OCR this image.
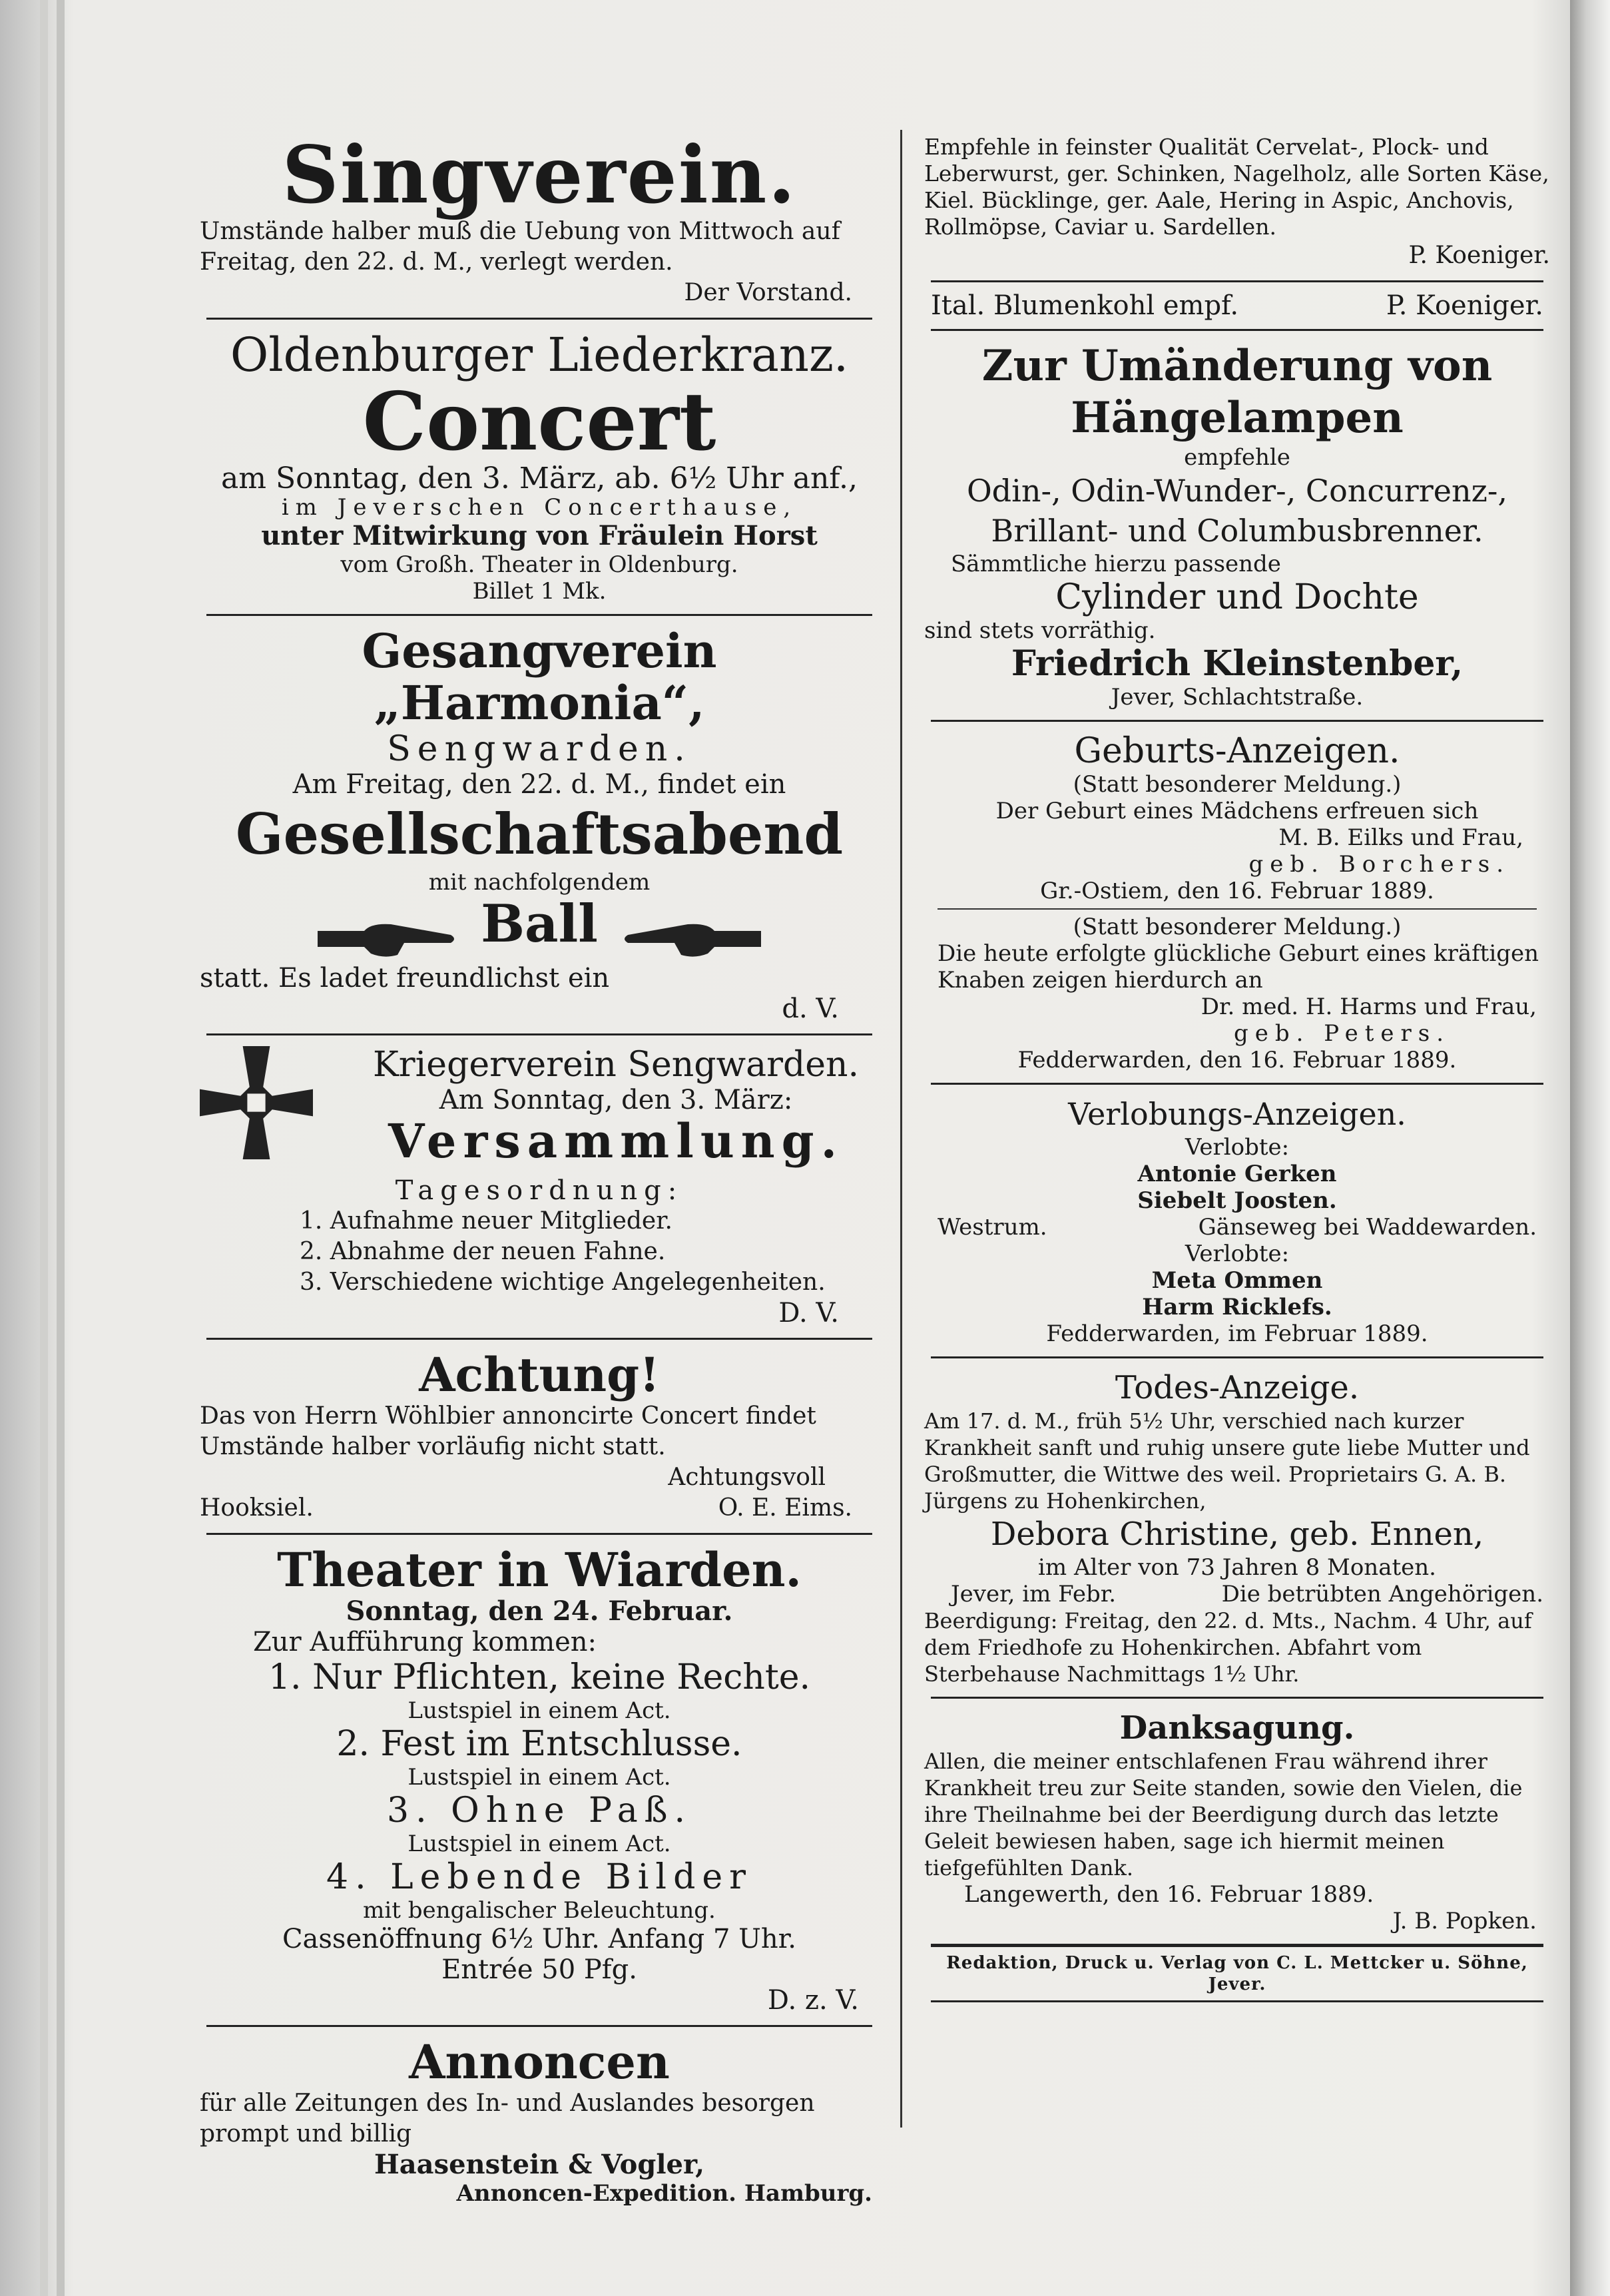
Singverein.
Umstände halber muß die Uebung von Mittwoch auf Freitag, den 22. d. M., verlegt werden.
Der Vorstand.
Oldenburger Liederkranz.
Concert
am Sonntag, den 3. März, ab. 6½ Uhr anf.,
im Jeverschen Concerthause,
unter Mitwirkung von Fräulein Horst
vom Großh. Theater in Oldenburg.
Billet 1 Mk.
Gesangverein „Harmonia“,
Sengwarden.
Am Freitag, den 22. d. M., findet ein
Gesellschaftsabend
mit nachfolgendem
Ball
statt. Es ladet freundlichst ein
d. V.
Kriegerverein Sengwarden.
Am Sonntag, den 3. März:
Versammlung.
Tagesordnung:
1. Aufnahme neuer Mitglieder.
2. Abnahme der neuen Fahne.
3. Verschiedene wichtige Angelegenheiten.
D. V.
Achtung!
Das von Herrn Wöhlbier annoncirte Concert findet Umstände halber vorläufig nicht statt.
Achtungsvoll
Hooksiel.	O. E. Eims.
Theater in Wiarden.
Sonntag, den 24. Februar.
Zur Aufführung kommen:
1. Nur Pflichten, keine Rechte.
Lustspiel in einem Act.
2. Fest im Entschlusse.
Lustspiel in einem Act.
3. Ohne Paß.
Lustspiel in einem Act.
4. Lebende Bilder
mit bengalischer Beleuchtung.
Cassenöffnung 6½ Uhr. Anfang 7 Uhr.
Entrée 50 Pfg.
D. z. V.
Annoncen
für alle Zeitungen des In- und Auslandes besorgen prompt und billig
Haasenstein & Vogler,
Annoncen-Expedition. Hamburg.
Empfehle in feinster Qualität Cervelat-, Plock- und Leberwurst, ger. Schinken, Nagelholz, alle Sorten Käse, Kiel. Bücklinge, ger. Aale, Hering in Aspic, Anchovis, Rollmöpse, Caviar u. Sardellen.
P. Koeniger.
Ital. Blumenkohl empf.	P. Koeniger.
Zur Umänderung von
Hängelampen
empfehle
Odin-, Odin-Wunder-, Concurrenz-,
Brillant- und Columbusbrenner.
Sämmtliche hierzu passende
Cylinder und Dochte
sind stets vorräthig.
Friedrich Kleinstenber,
Jever, Schlachtstraße.
Geburts-Anzeigen.
(Statt besonderer Meldung.)
Der Geburt eines Mädchens erfreuen sich
M. B. Eilks und Frau,
geb. Borchers.
Gr.-Ostiem, den 16. Februar 1889.
(Statt besonderer Meldung.)
Die heute erfolgte glückliche Geburt eines kräftigen Knaben zeigen hierdurch an
Dr. med. H. Harms und Frau,
geb. Peters.
Fedderwarden, den 16. Februar 1889.
Verlobungs-Anzeigen.
Verlobte:
Antonie Gerken
Siebelt Joosten.
Westrum.	Gänseweg bei Waddewarden.
Verlobte:
Meta Ommen
Harm Ricklefs.
Fedderwarden, im Februar 1889.
Todes-Anzeige.
Am 17. d. M., früh 5½ Uhr, verschied nach kurzer Krankheit sanft und ruhig unsere gute liebe Mutter und Großmutter, die Wittwe des weil. Proprietairs G. A. B. Jürgens zu Hohenkirchen,
Debora Christine, geb. Ennen,
im Alter von 73 Jahren 8 Monaten.
Jever, im Febr.	Die betrübten Angehörigen.
Beerdigung: Freitag, den 22. d. Mts., Nachm. 4 Uhr, auf dem Friedhofe zu Hohenkirchen. Abfahrt vom Sterbehause Nachmittags 1½ Uhr.
Danksagung.
Allen, die meiner entschlafenen Frau während ihrer Krankheit treu zur Seite standen, sowie den Vielen, die ihre Theilnahme bei der Beerdigung durch das letzte Geleit bewiesen haben, sage ich hiermit meinen tiefgefühlten Dank.
Langewerth, den 16. Februar 1889.
J. B. Popken.
Redaktion, Druck u. Verlag von C. L. Mettcker u. Söhne, Jever.
